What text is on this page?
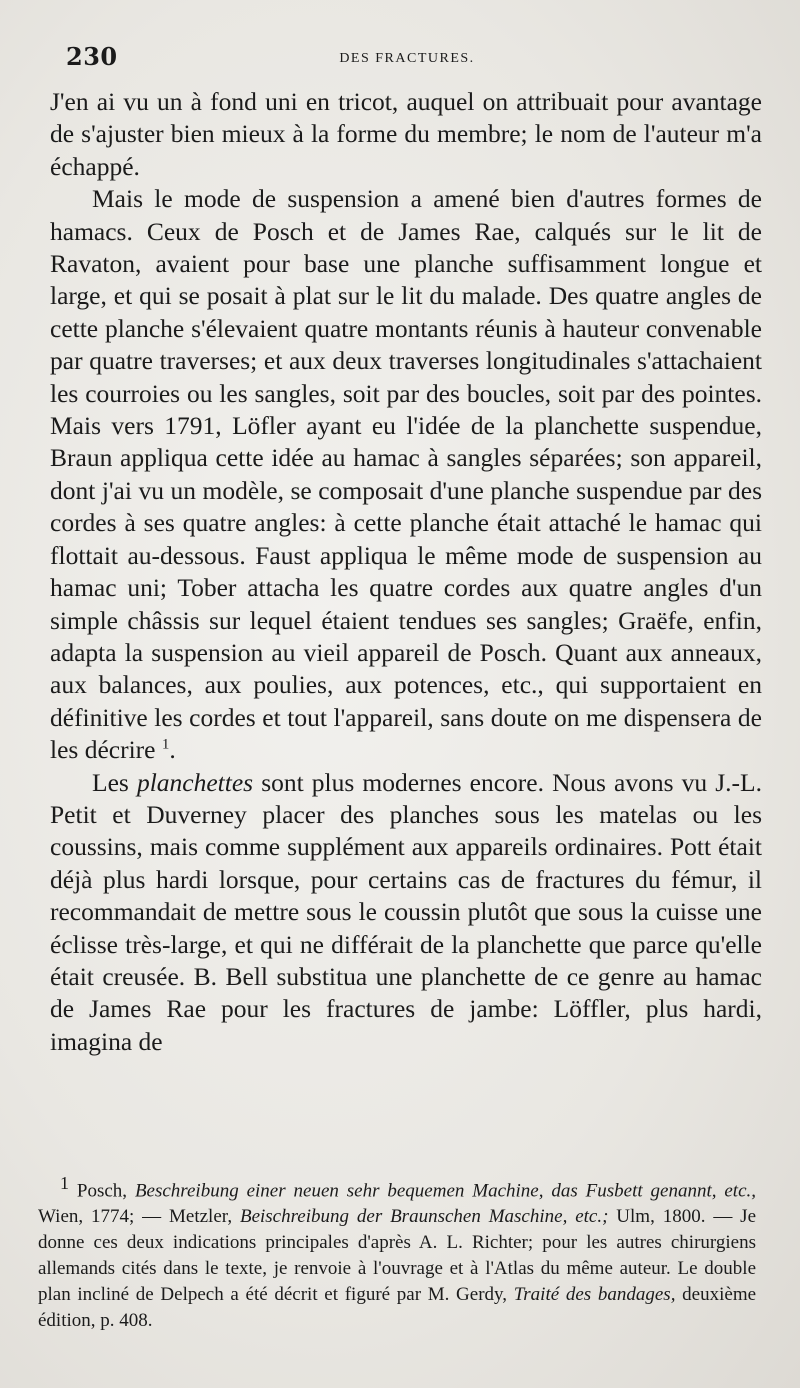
230	DES FRACTURES.

J'en ai vu un à fond uni en tricot, auquel on attribuait pour avantage de s'ajuster bien mieux à la forme du membre; le nom de l'auteur m'a échappé.

Mais le mode de suspension a amené bien d'autres formes de hamacs. Ceux de Posch et de James Rae, calqués sur le lit de Ravaton, avaient pour base une planche suffisamment longue et large, et qui se posait à plat sur le lit du malade. Des quatre angles de cette planche s'élevaient quatre montants réunis à hauteur convenable par quatre traverses; et aux deux traverses longitudinales s'attachaient les courroies ou les sangles, soit par des boucles, soit par des pointes. Mais vers 1791, Löfler ayant eu l'idée de la planchette suspendue, Braun appliqua cette idée au hamac à sangles séparées; son appareil, dont j'ai vu un modèle, se composait d'une planche suspendue par des cordes à ses quatre angles: à cette planche était attaché le hamac qui flottait au-dessous. Faust appliqua le même mode de suspension au hamac uni; Tober attacha les quatre cordes aux quatre angles d'un simple châssis sur lequel étaient tendues ses sangles; Graëfe, enfin, adapta la suspension au vieil appareil de Posch. Quant aux anneaux, aux balances, aux poulies, aux potences, etc., qui supportaient en définitive les cordes et tout l'appareil, sans doute on me dispensera de les décrire $^1$.

Les planchettes sont plus modernes encore. Nous avons vu J.-L. Petit et Duverney placer des planches sous les matelas ou les coussins, mais comme supplément aux appareils ordinaires. Pott était déjà plus hardi lorsque, pour certains cas de fractures du fémur, il recommandait de mettre sous le coussin plutôt que sous la cuisse une éclisse très-large, et qui ne différait de la planchette que parce qu'elle était creusée. B. Bell substitua une planchette de ce genre au hamac de James Rae pour les fractures de jambe: Löffler, plus hardi, imagina de

$^1$ Posch, Beschreibung einer neuen sehr bequemen Machine, das Fusbett genannt, etc., Wien, 1774; — Metzler, Beischreibung der Braunschen Maschine, etc.; Ulm, 1800. — Je donne ces deux indications principales d'après A. L. Richter; pour les autres chirurgiens allemands cités dans le texte, je renvoie à l'ouvrage et à l'Atlas du même auteur. Le double plan incliné de Delpech a été décrit et figuré par M. Gerdy, Traité des bandages, deuxième édition, p. 408.
